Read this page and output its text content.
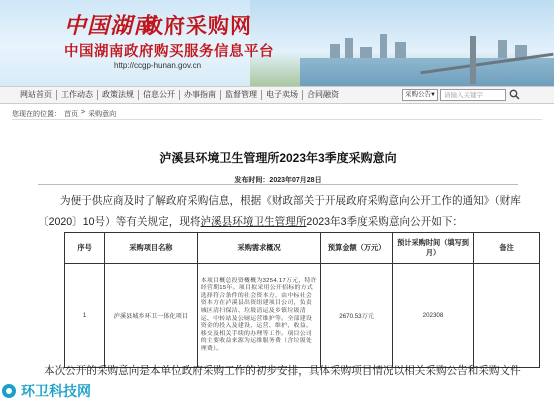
中国湖南
政府采购网
中国湖南政府购买服务信息平台
http://ccgp-hunan.gov.cn
网站首页	工作动态	政策法规	信息公开	办事指南	监督管理	电子卖场	合同融资	采购公告 ▼	请输入关键字
您现在的位置： 首页 > 采购意向
泸溪县环境卫生管理所2023年3季度采购意向
发布时间：2023年07月28日
为便于供应商及时了解政府采购信息，根据《财政部关于开展政府采购意向公开工作的通知》（财库〔2020〕10号）等有关规定，现将泸溪县环境卫生管理所2023年3季度采购意向公开如下：
序号	采购项目名称	采购需求概况	预算金额（万元）	预计采购时间（填写到月）	备注
1	泸溪县城乡环卫一体化项目	本项目概总投资概概为3254.17万元，特许经营期15年。项目拟采用公开招标的方式选择符合条件的社会资本方，由中标社会资本方在泸溪县出资组建项目公司，负责城区清扫保洁、垃圾清运及乡镇垃圾清运、中转站及公厕运营维护等。全部建设资金的投入及建设、运营、维护、收益、移交及相关手续的办理等工作。项目公司的主要收益来源为运维服务费（含垃圾处理费）。	2670.53万元	202308	
本次公开的采购意向是本单位政府采购工作的初步安排，具体采购项目情况以相关采购公告和采购文件
环卫科技网
